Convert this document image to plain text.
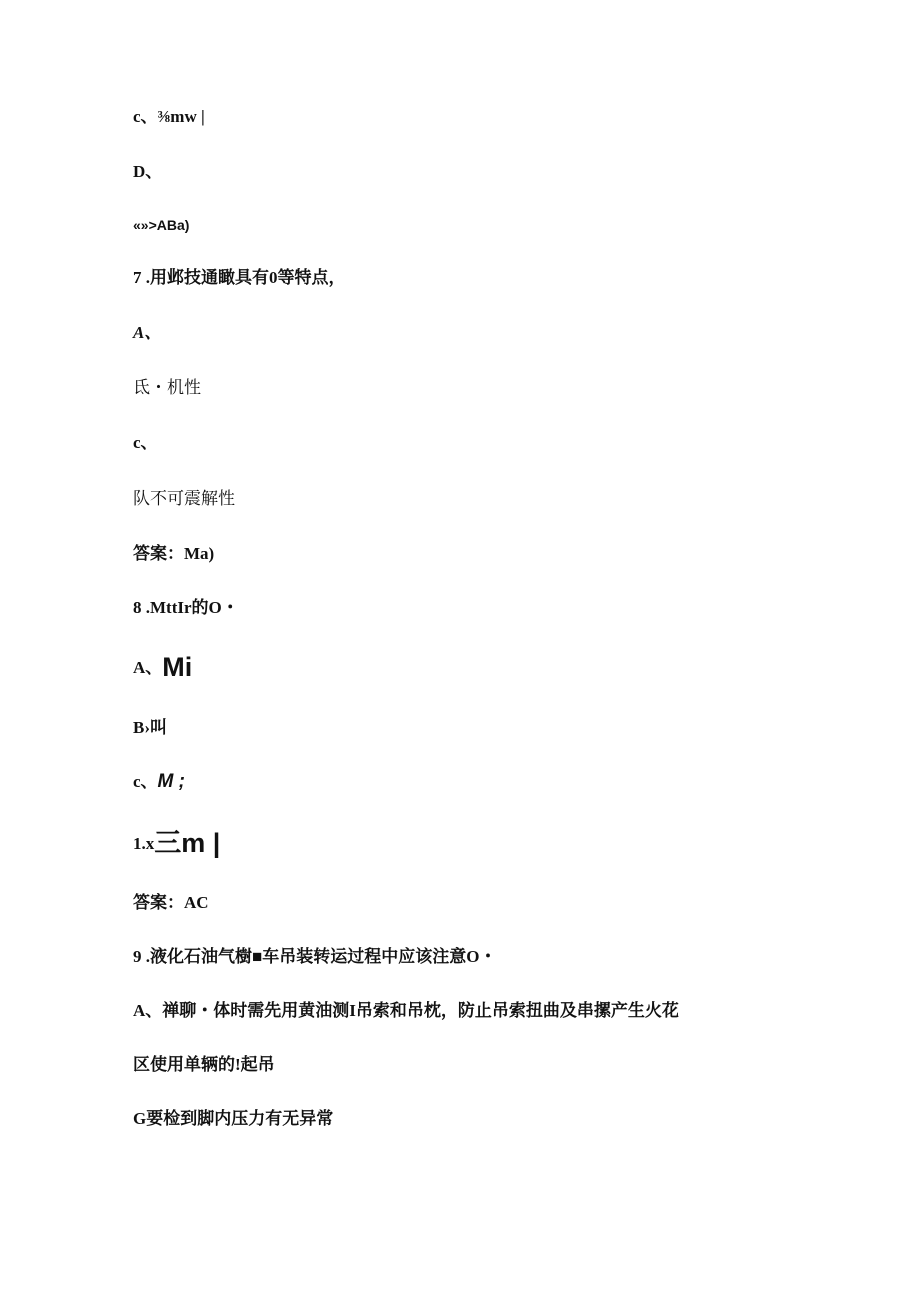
c、⅜mw |
D、
«»>ABa)
7 .用邺技通瞰具有0等特点，
A、
氐・机性
c、
队不可震解性
答案：Ma)
8 .MttIr的O・
A、Mi
B›叫
c、M ;
1.x三m |
答案：AC
9 .液化石油气樹■车吊装转运过程中应该注意O・
A、禅聊・体时需先用黄油测I吊索和吊枕，防止吊索扭曲及串摞产生火花
区使用单辆的!起吊
G要检到脚内压力有无异常
